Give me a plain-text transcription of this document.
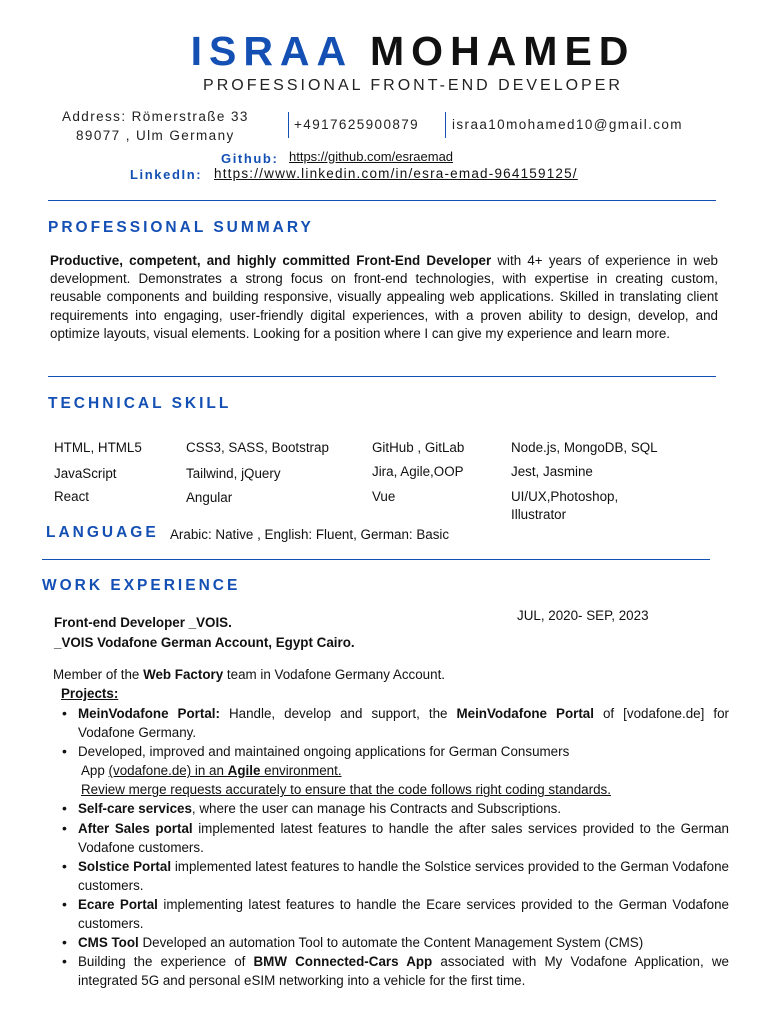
ISRAA MOHAMED
PROFESSIONAL FRONT-END DEVELOPER
Address: Römerstraße 33
89077 , Ulm Germany
+4917625900879 israa10mohamed10@gmail.com
Github: https://github.com/esraemad
LinkedIn: https://www.linkedin.com/in/esra-emad-964159125/
PROFESSIONAL SUMMARY
Productive, competent, and highly committed Front-End Developer with 4+ years of experience in web development. Demonstrates a strong focus on front-end technologies, with expertise in creating custom, reusable components and building responsive, visually appealing web applications. Skilled in translating client requirements into engaging, user-friendly digital experiences, with a proven ability to design, develop, and optimize layouts, visual elements. Looking for a position where I can give my experience and learn more.
TECHNICAL SKILL
HTML, HTML5
JavaScript
React
CSS3, SASS, Bootstrap
Tailwind, jQuery
Angular
GitHub , GitLab
Jira, Agile,OOP
Vue
Node.js, MongoDB, SQL
Jest, Jasmine
UI/UX,Photoshop,
Illustrator
LANGUAGE Arabic: Native , English: Fluent, German: Basic
WORK EXPERIENCE
Front-end Developer _VOIS.
_VOIS Vodafone German Account, Egypt Cairo.
JUL, 2020- SEP, 2023
Member of the Web Factory team in Vodafone Germany Account.
Projects:
• MeinVodafone Portal: Handle, develop and support, the MeinVodafone Portal of [vodafone.de] for Vodafone Germany.
• Developed, improved and maintained ongoing applications for German Consumers
App (vodafone.de) in an Agile environment.
Review merge requests accurately to ensure that the code follows right coding standards.
• Self-care services, where the user can manage his Contracts and Subscriptions.
• After Sales portal implemented latest features to handle the after sales services provided to the German Vodafone customers.
• Solstice Portal implemented latest features to handle the Solstice services provided to the German Vodafone customers.
• Ecare Portal implementing latest features to handle the Ecare services provided to the German Vodafone customers.
• CMS Tool Developed an automation Tool to automate the Content Management System (CMS)
• Building the experience of BMW Connected-Cars App associated with My Vodafone Application, we integrated 5G and personal eSIM networking into a vehicle for the first time.
